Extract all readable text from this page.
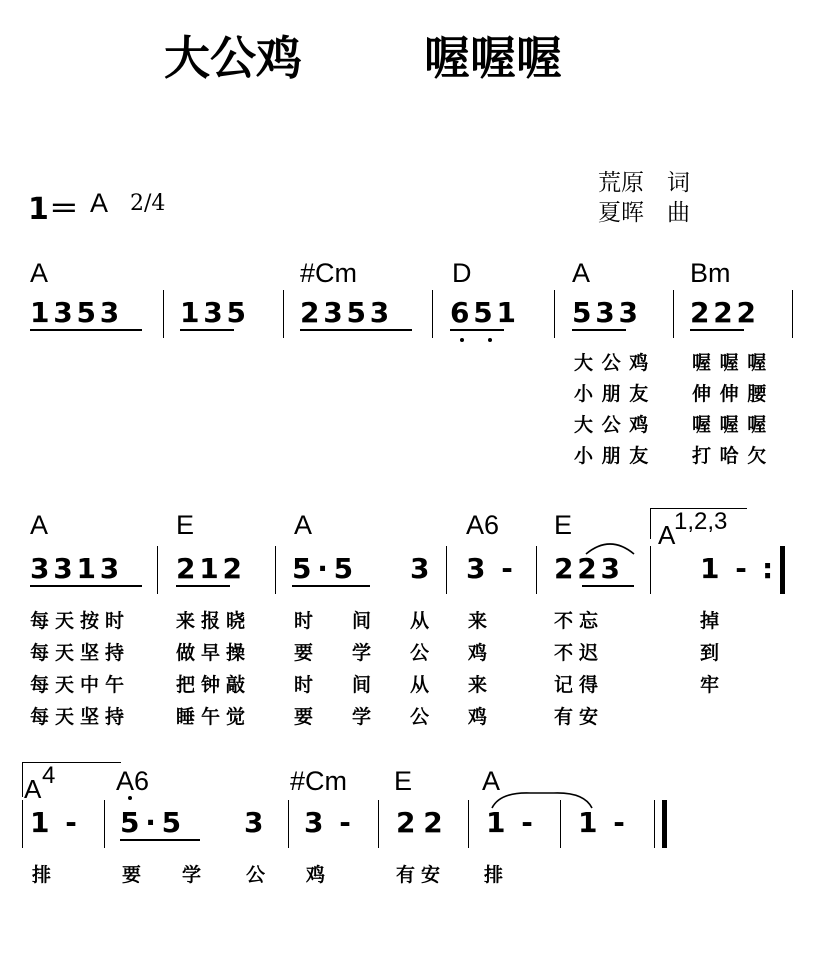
大公鸡	喔喔喔
荒原　词
夏晖　曲
1＝ A 2/4
A	#Cm	D	A	Bm
1 3 5 3 1 3 5 2 3 5 3 6 5 1 5 3 3 2 2 2
大 公 鸡 喔 喔 喔
小 朋 友 伸 伸 腰
大 公 鸡 喔 喔 喔
小 朋 友 打 哈 欠
A	E	A	A6 E	A
1,2,3
3 3 1 3 2 1 2 5 · 5 3 3 - 2 2 3	1 - :
每天按时 来报晓 时 间 从 来	不忘	掉
每天坚持 做早操 要 学 公 鸡	不迟	到
每天中午 把钟敲 时 间 从 来	记得	牢
每天坚持 睡午觉 要 学 公 鸡	有安
A 4 A6	#Cm E	A
1 - 5 · 5 3 3 - 2 2 1 - 1 -
排	要 学 公 鸡	有安 排
